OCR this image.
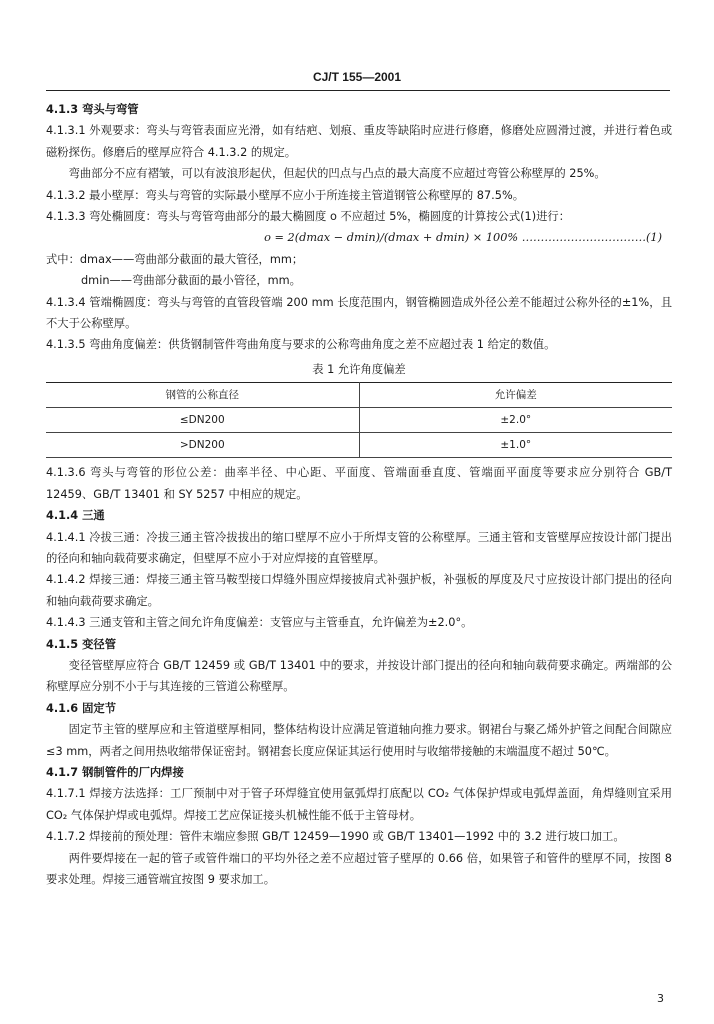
CJ/T 155—2001

4.1.3 弯头与弯管

4.1.3.1 外观要求：弯头与弯管表面应光滑，如有结疤、划痕、重皮等缺陷时应进行修磨，修磨处应圆滑过渡，并进行着色或磁粉探伤。修磨后的壁厚应符合 4.1.3.2 的规定。

弯曲部分不应有褶皱，可以有波浪形起伏，但起伏的凹点与凸点的最大高度不应超过弯管公称壁厚的 25%。

4.1.3.2 最小壁厚：弯头与弯管的实际最小壁厚不应小于所连接主管道钢管公称壁厚的 87.5%。

4.1.3.3 弯处椭圆度：弯头与弯管弯曲部分的最大椭圆度 o 不应超过 5%，椭圆度的计算按公式(1)进行：

o = 2(dmax − dmin)/(dmax + dmin) × 100% ……………………………(1)

式中：dmax——弯曲部分截面的最大管径，mm；

dmin——弯曲部分截面的最小管径，mm。

4.1.3.4 管端椭圆度：弯头与弯管的直管段管端 200 mm 长度范围内，钢管椭圆造成外径公差不能超过公称外径的±1%，且不大于公称壁厚。

4.1.3.5 弯曲角度偏差：供货钢制管件弯曲角度与要求的公称弯曲角度之差不应超过表 1 给定的数值。

表 1 允许角度偏差
钢管的公称直径	允许偏差
≤DN200	±2.0°
>DN200	±1.0°

4.1.3.6 弯头与弯管的形位公差：曲率半径、中心距、平面度、管端面垂直度、管端面平面度等要求应分别符合 GB/T 12459、GB/T 13401 和 SY 5257 中相应的规定。

4.1.4 三通

4.1.4.1 冷拔三通：冷拔三通主管冷拔拔出的缩口壁厚不应小于所焊支管的公称壁厚。三通主管和支管壁厚应按设计部门提出的径向和轴向载荷要求确定，但壁厚不应小于对应焊接的直管壁厚。

4.1.4.2 焊接三通：焊接三通主管马鞍型接口焊缝外围应焊接披肩式补强护板，补强板的厚度及尺寸应按设计部门提出的径向和轴向载荷要求确定。

4.1.4.3 三通支管和主管之间允许角度偏差：支管应与主管垂直，允许偏差为±2.0°。

4.1.5 变径管

变径管壁厚应符合 GB/T 12459 或 GB/T 13401 中的要求，并按设计部门提出的径向和轴向载荷要求确定。两端部的公称壁厚应分别不小于与其连接的三管道公称壁厚。

4.1.6 固定节

固定节主管的壁厚应和主管道壁厚相同，整体结构设计应满足管道轴向推力要求。钢裙台与聚乙烯外护管之间配合间隙应≤3 mm，两者之间用热收缩带保证密封。钢裙套长度应保证其运行使用时与收缩带接触的末端温度不超过 50℃。

4.1.7 钢制管件的厂内焊接

4.1.7.1 焊接方法选择：工厂预制中对于管子环焊缝宜使用氩弧焊打底配以 CO₂ 气体保护焊或电弧焊盖面，角焊缝则宜采用 CO₂ 气体保护焊或电弧焊。焊接工艺应保证接头机械性能不低于主管母材。

4.1.7.2 焊接前的预处理：管件末端应参照 GB/T 12459—1990 或 GB/T 13401—1992 中的 3.2 进行坡口加工。

两件要焊接在一起的管子或管件端口的平均外径之差不应超过管子壁厚的 0.66 倍，如果管子和管件的壁厚不同，按图 8 要求处理。焊接三通管端宜按图 9 要求加工。

3
